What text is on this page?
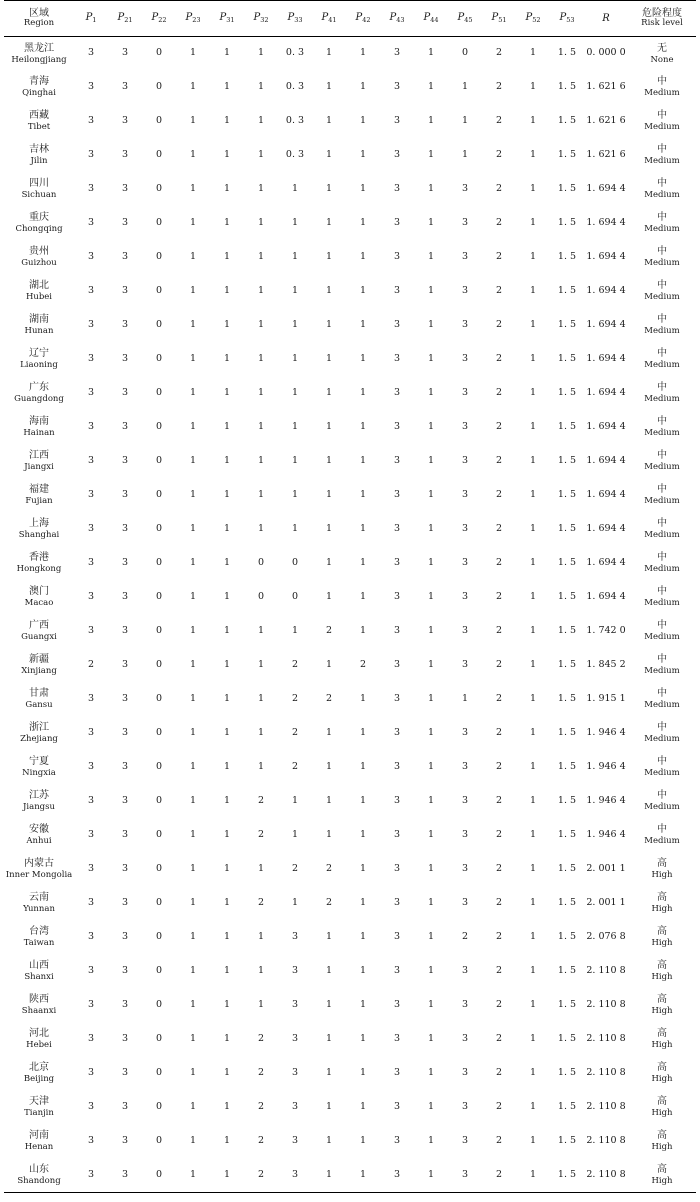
区域
Region	$P_1$	$P_{21}$	$P_{22}$	$P_{23}$	$P_{31}$	$P_{32}$	$P_{33}$	$P_{41}$	$P_{42}$	$P_{43}$	$P_{44}$	$P_{45}$	$P_{51}$	$P_{52}$	$P_{53}$	R	危险程度
Risk level

黑龙江
Heilongjiang	3	3	0	1	1	1	0. 3	1	1	3	1	0	2	1	1. 5	0. 000 0	无
None

青海
Qinghai	3	3	0	1	1	1	0. 3	1	1	3	1	1	2	1	1. 5	1. 621 6	中
Medium

西藏
Tibet	3	3	0	1	1	1	0. 3	1	1	3	1	1	2	1	1. 5	1. 621 6	中
Medium

吉林
Jilin	3	3	0	1	1	1	0. 3	1	1	3	1	1	2	1	1. 5	1. 621 6	中
Medium

四川
Sichuan	3	3	0	1	1	1	1	1	1	3	1	3	2	1	1. 5	1. 694 4	中
Medium

重庆
Chongqing	3	3	0	1	1	1	1	1	1	3	1	3	2	1	1. 5	1. 694 4	中
Medium

贵州
Guizhou	3	3	0	1	1	1	1	1	1	3	1	3	2	1	1. 5	1. 694 4	中
Medium

湖北
Hubei	3	3	0	1	1	1	1	1	1	3	1	3	2	1	1. 5	1. 694 4	中
Medium

湖南
Hunan	3	3	0	1	1	1	1	1	1	3	1	3	2	1	1. 5	1. 694 4	中
Medium

辽宁
Liaoning	3	3	0	1	1	1	1	1	1	3	1	3	2	1	1. 5	1. 694 4	中
Medium

广东
Guangdong	3	3	0	1	1	1	1	1	1	3	1	3	2	1	1. 5	1. 694 4	中
Medium

海南
Hainan	3	3	0	1	1	1	1	1	1	3	1	3	2	1	1. 5	1. 694 4	中
Medium

江西
Jiangxi	3	3	0	1	1	1	1	1	1	3	1	3	2	1	1. 5	1. 694 4	中
Medium

福建
Fujian	3	3	0	1	1	1	1	1	1	3	1	3	2	1	1. 5	1. 694 4	中
Medium

上海
Shanghai	3	3	0	1	1	1	1	1	1	3	1	3	2	1	1. 5	1. 694 4	中
Medium

香港
Hongkong	3	3	0	1	1	0	0	1	1	3	1	3	2	1	1. 5	1. 694 4	中
Medium

澳门
Macao	3	3	0	1	1	0	0	1	1	3	1	3	2	1	1. 5	1. 694 4	中
Medium

广西
Guangxi	3	3	0	1	1	1	1	2	1	3	1	3	2	1	1. 5	1. 742 0	中
Medium

新疆
Xinjiang	2	3	0	1	1	1	2	1	2	3	1	3	2	1	1. 5	1. 845 2	中
Medium

甘肃
Gansu	3	3	0	1	1	1	2	2	1	3	1	1	2	1	1. 5	1. 915 1	中
Medium

浙江
Zhejiang	3	3	0	1	1	1	2	1	1	3	1	3	2	1	1. 5	1. 946 4	中
Medium

宁夏
Ningxia	3	3	0	1	1	1	2	1	1	3	1	3	2	1	1. 5	1. 946 4	中
Medium

江苏
Jiangsu	3	3	0	1	1	2	1	1	1	3	1	3	2	1	1. 5	1. 946 4	中
Medium

安徽
Anhui	3	3	0	1	1	2	1	1	1	3	1	3	2	1	1. 5	1. 946 4	中
Medium

内蒙古
Inner Mongolia	3	3	0	1	1	1	2	2	1	3	1	3	2	1	1. 5	2. 001 1	高
High

云南
Yunnan	3	3	0	1	1	2	1	2	1	3	1	3	2	1	1. 5	2. 001 1	高
High

台湾
Taiwan	3	3	0	1	1	1	3	1	1	3	1	2	2	1	1. 5	2. 076 8	高
High

山西
Shanxi	3	3	0	1	1	1	3	1	1	3	1	3	2	1	1. 5	2. 110 8	高
High

陕西
Shaanxi	3	3	0	1	1	1	3	1	1	3	1	3	2	1	1. 5	2. 110 8	高
High

河北
Hebei	3	3	0	1	1	2	3	1	1	3	1	3	2	1	1. 5	2. 110 8	高
High

北京
Beijing	3	3	0	1	1	2	3	1	1	3	1	3	2	1	1. 5	2. 110 8	高
High

天津
Tianjin	3	3	0	1	1	2	3	1	1	3	1	3	2	1	1. 5	2. 110 8	高
High

河南
Henan	3	3	0	1	1	2	3	1	1	3	1	3	2	1	1. 5	2. 110 8	高
High

山东
Shandong	3	3	0	1	1	2	3	1	1	3	1	3	2	1	1. 5	2. 110 8	高
High
